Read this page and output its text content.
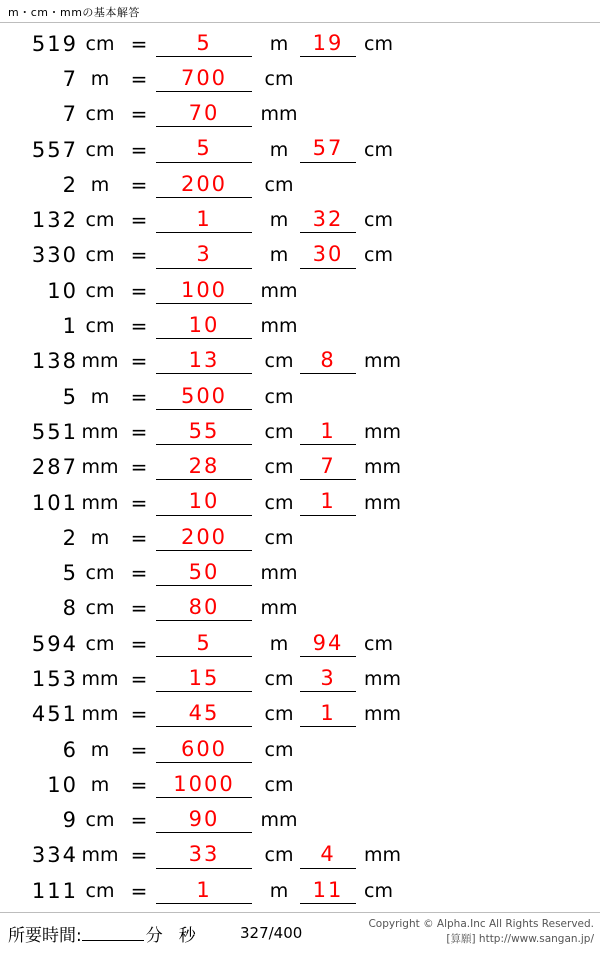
m・cm・mmの基本解答
519 cm =	5	m	19	cm
7 m	=	700	cm
7 cm =	70	mm
557 cm =	5	m	57	cm
2 m	=	200	cm
132 cm =	1	m	32	cm
330 cm =	3	m	30	cm
10 cm =	100	mm
1 cm =	10	mm
138 mm =	13	cm	8	mm
5 m	=	500	cm
551 mm =	55	cm	1	mm
287 mm =	28	cm	7	mm
101 mm =	10	cm	1	mm
2 m	=	200	cm
5 cm =	50	mm
8 cm =	80	mm
594 cm =	5	m	94	cm
153 mm =	15	cm	3	mm
451 mm =	45	cm	1	mm
6 m	=	600	cm
10 m	=	1000	cm
9 cm =	90	mm
334 mm =	33	cm	4	mm
111 cm =	1	m	11	cm
所要時間:	分 秒	327/400	Copyright © Alpha.Inc All Rights Reserved.
[算願] http://www.sangan.jp/
